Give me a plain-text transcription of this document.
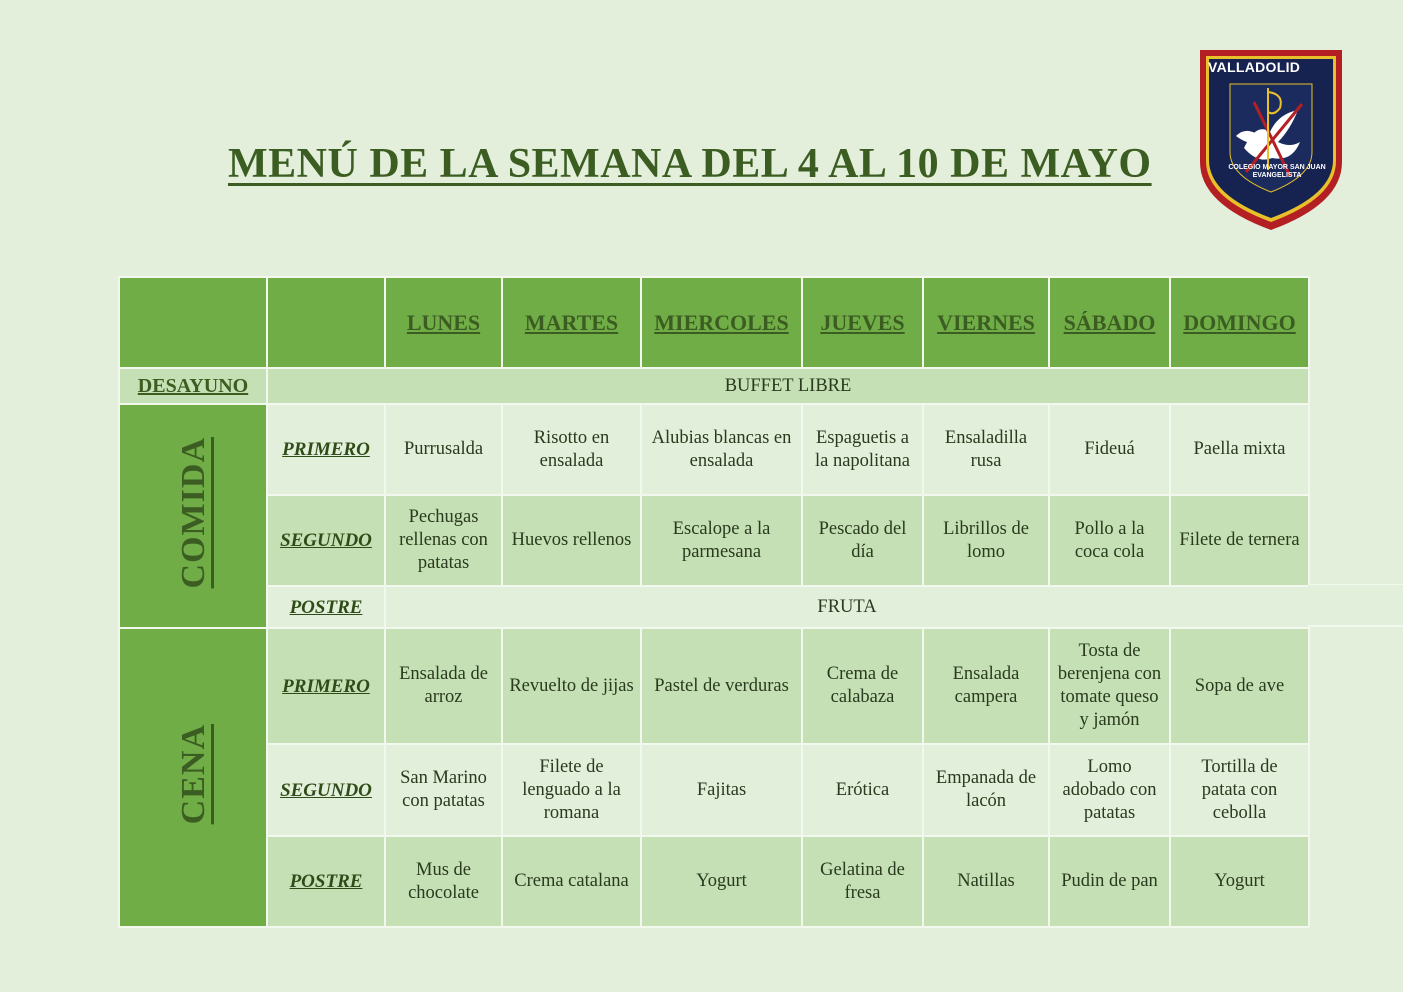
MENÚ DE LA SEMANA DEL 4 AL 10 DE MAYO
VALLADOLID
COLEGIO MAYOR SAN JUAN EVANGELISTA
		LUNES	MARTES	MIERCOLES	JUEVES	VIERNES	SÁBADO	DOMINGO
DESAYUNO	BUFFET LIBRE							
COMIDA	PRIMERO	Purrusalda	Risotto en ensalada	Alubias blancas en ensalada	Espaguetis a la napolitana	Ensaladilla rusa	Fideuá	Paella mixta
	SEGUNDO	Pechugas rellenas con patatas	Huevos rellenos	Escalope a la parmesana	Pescado del día	Librillos de lomo	Pollo a la coca cola	Filete de ternera
	POSTRE	FRUTA						
CENA	PRIMERO	Ensalada de arroz	Revuelto de jijas	Pastel de verduras	Crema de calabaza	Ensalada campera	Tosta de berenjena con tomate queso y jamón	Sopa de ave
	SEGUNDO	San Marino con patatas	Filete de lenguado a la romana	Fajitas	Erótica	Empanada de lacón	Lomo adobado con patatas	Tortilla de patata con cebolla
	POSTRE	Mus de chocolate	Crema catalana	Yogurt	Gelatina de fresa	Natillas	Pudin de pan	Yogurt
